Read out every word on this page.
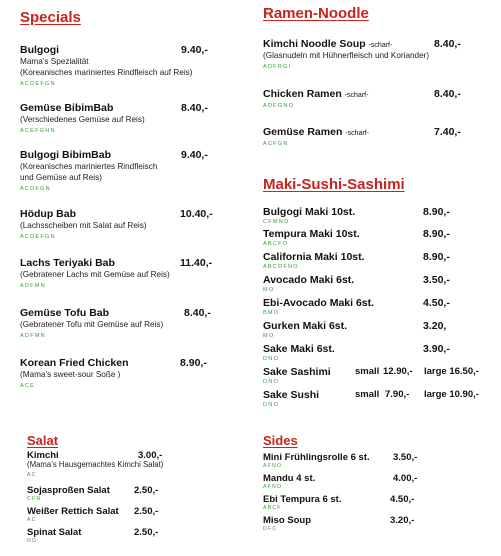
Specials
Bulgogi	9.40,-
Mama’s Spezialität
(Koreanisches mariniertes Rindfleisch auf Reis)
ACDEFGN
Gemüse BibimBab	8.40,-
(Verschiedenes Gemüse auf Reis)
ACEFGHN
Bulgogi BibimBab	9.40,-
(Koreanisches mariniertes Rindfleisch
und Gemüse auf Reis)
ACDFGN
Hödup Bab	10.40,-
(Lachsscheiben mit Salat auf Reis)
ACDEFGN
Lachs Teriyaki Bab	11.40,-
(Gebratener Lachs mit Gemüse auf Reis)
ADFMN
Gemüse Tofu Bab	8.40,-
(Gebratener Tofu mit Gemüse auf Reis)
ADFMN
Korean Fried Chicken	8.90,-
(Mama’s sweet-sour Soße )
ACE
Ramen-Noodle
Kimchi Noodle Soup -scharf-	8.40,-
(Glasnudeln mit Hühnerfleisch und Koriander)
ADFRGI
Chicken Ramen -scharf-	8.40,-
ADFGNO
Gemüse Ramen -scharf-	7.40,-
ACFGN
Maki-Sushi-Sashimi
Bulgogi Maki 10st.	8.90,-
CFMNO
Tempura Maki 10st.	8.90,-
ABCFO
California Maki 10st.	8.90,-
ABCDFNO
Avocado Maki 6st.	3.50,-
MO
Ebi-Avocado Maki 6st.	4.50,-
BMO
Gurken Maki 6st.	3.20,
MO
Sake Maki 6st.	3.90,-
DNO
Sake Sashimi	small 12.90,- large 16.50,-
DNO
Sake Sushi	small 7.90,- large 10.90,-
DNO
Salat
Kimchi	3.00,-
(Mama’s Hausgemachtes Kimchi Salat)
AC
Sojasproßen Salat	2.50,-
CFN
Weißer Rettich Salat 2.50,-
AC
Spinat Salat	2.50,-
NO
Sides
Mini Frühlingsrolle 6 st. 3.50,-
AFNO
Mandu 4 st.	4.00,-
AFNO
Ebi Tempura 6 st.	4.50,-
ABCF
Miso Soup	3.20,-
DFC
